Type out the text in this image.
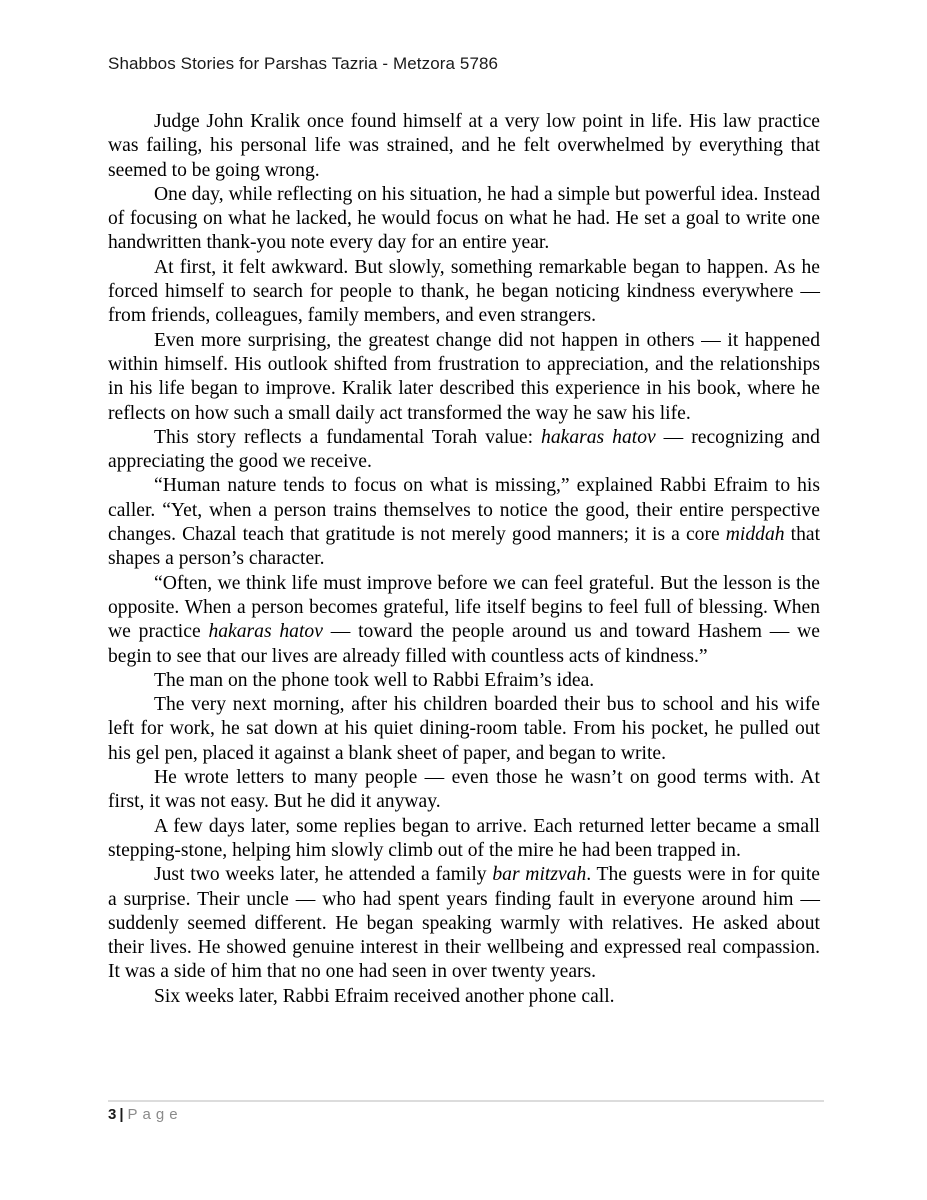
Shabbos Stories for Parshas Tazria - Metzora 5786

Judge John Kralik once found himself at a very low point in life. His law practice was failing, his personal life was strained, and he felt overwhelmed by everything that seemed to be going wrong.

One day, while reflecting on his situation, he had a simple but powerful idea. Instead of focusing on what he lacked, he would focus on what he had. He set a goal to write one handwritten thank-you note every day for an entire year.

At first, it felt awkward. But slowly, something remarkable began to happen. As he forced himself to search for people to thank, he began noticing kindness everywhere — from friends, colleagues, family members, and even strangers.

Even more surprising, the greatest change did not happen in others — it happened within himself. His outlook shifted from frustration to appreciation, and the relationships in his life began to improve. Kralik later described this experience in his book, where he reflects on how such a small daily act transformed the way he saw his life.

This story reflects a fundamental Torah value: hakaras hatov — recognizing and appreciating the good we receive.

“Human nature tends to focus on what is missing,” explained Rabbi Efraim to his caller. “Yet, when a person trains themselves to notice the good, their entire perspective changes. Chazal teach that gratitude is not merely good manners; it is a core middah that shapes a person’s character.

“Often, we think life must improve before we can feel grateful. But the lesson is the opposite. When a person becomes grateful, life itself begins to feel full of blessing. When we practice hakaras hatov — toward the people around us and toward Hashem — we begin to see that our lives are already filled with countless acts of kindness.”

The man on the phone took well to Rabbi Efraim’s idea.

The very next morning, after his children boarded their bus to school and his wife left for work, he sat down at his quiet dining-room table. From his pocket, he pulled out his gel pen, placed it against a blank sheet of paper, and began to write.

He wrote letters to many people — even those he wasn’t on good terms with. At first, it was not easy. But he did it anyway.

A few days later, some replies began to arrive. Each returned letter became a small stepping-stone, helping him slowly climb out of the mire he had been trapped in.

Just two weeks later, he attended a family bar mitzvah. The guests were in for quite a surprise. Their uncle — who had spent years finding fault in everyone around him — suddenly seemed different. He began speaking warmly with relatives. He asked about their lives. He showed genuine interest in their wellbeing and expressed real compassion. It was a side of him that no one had seen in over twenty years.

Six weeks later, Rabbi Efraim received another phone call.

3 | Page
